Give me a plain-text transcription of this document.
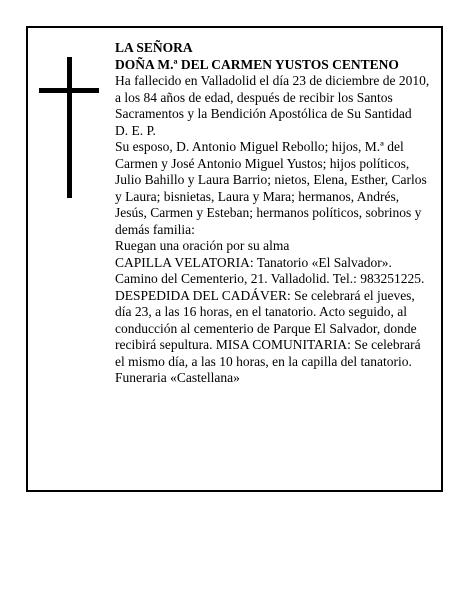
LA SEÑORA

DOÑA M.ª DEL CARMEN YUSTOS CENTENO

Ha fallecido en Valladolid el día 23 de diciembre de 2010, a los 84 años de edad, después de recibir los Santos Sacramentos y la Bendición Apostólica de Su Santidad

D. E. P.

Su esposo, D. Antonio Miguel Rebollo; hijos, M.ª del Carmen y José Antonio Miguel Yustos; hijos políticos, Julio Bahillo y Laura Barrio; nietos, Elena, Esther, Carlos y Laura; bisnietas, Laura y Mara; hermanos, Andrés, Jesús, Carmen y Esteban; hermanos políticos, sobrinos y demás familia:

Ruegan una oración por su alma

CAPILLA VELATORIA: Tanatorio «El Salvador». Camino del Cementerio, 21. Valladolid. Tel.: 983251225.

DESPEDIDA DEL CADÁVER: Se celebrará el jueves, día 23, a las 16 horas, en el tanatorio. Acto seguido, al conducción al cementerio de Parque El Salvador, donde recibirá sepultura. MISA COMUNITARIA: Se celebrará el mismo día, a las 10 horas, en la capilla del tanatorio.

Funeraria «Castellana»
